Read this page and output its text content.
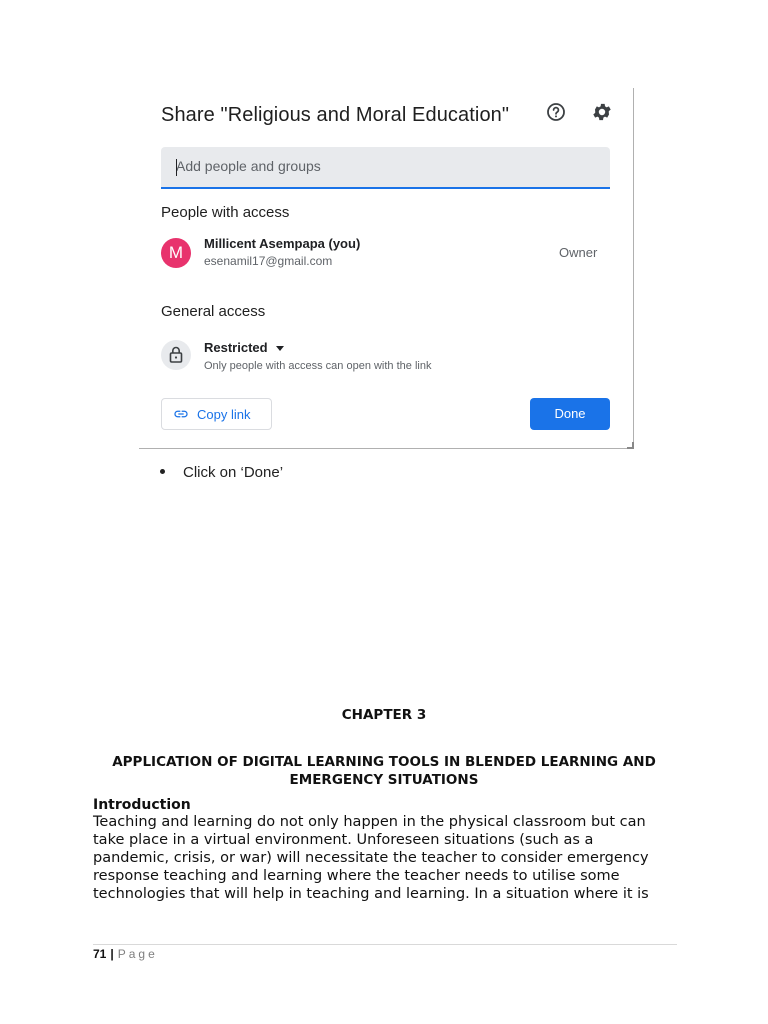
Share "Religious and Moral Education"
Add people and groups
People with access
M	Millicent Asempapa (you)
esenamil17@gmail.com
Owner
General access
Restricted
Only people with access can open with the link
Copy link	Done
Click on ‘Done’
CHAPTER 3
APPLICATION OF DIGITAL LEARNING TOOLS IN BLENDED LEARNING AND
EMERGENCY SITUATIONS
Introduction
Teaching and learning do not only happen in the physical classroom but can
take place in a virtual environment. Unforeseen situations (such as a
pandemic, crisis, or war) will necessitate the teacher to consider emergency
response teaching and learning where the teacher needs to utilise some
technologies that will help in teaching and learning. In a situation where it is
71 | Page
